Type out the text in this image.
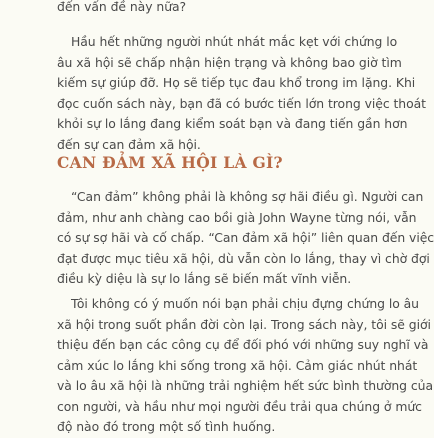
đến vấn đề này nữa?

Hầu hết những người nhút nhát mắc kẹt với chứng lo
âu xã hội sẽ chấp nhận hiện trạng và không bao giờ tìm
kiếm sự giúp đỡ. Họ sẽ tiếp tục đau khổ trong im lặng. Khi
đọc cuốn sách này, bạn đã có bước tiến lớn trong việc thoát
khỏi sự lo lắng đang kiểm soát bạn và đang tiến gần hơn
đến sự can đảm xã hội.

CAN ĐẢM XÃ HỘI LÀ GÌ?

“Can đảm” không phải là không sợ hãi điều gì. Người can
đảm, như anh chàng cao bồi già John Wayne từng nói, vẫn
có sự sợ hãi và cố chấp. “Can đảm xã hội” liên quan đến việc
đạt được mục tiêu xã hội, dù vẫn còn lo lắng, thay vì chờ đợi
điều kỳ diệu là sự lo lắng sẽ biến mất vĩnh viễn.

Tôi không có ý muốn nói bạn phải chịu đựng chứng lo âu
xã hội trong suốt phần đời còn lại. Trong sách này, tôi sẽ giới
thiệu đến bạn các công cụ để đối phó với những suy nghĩ và
cảm xúc lo lắng khi sống trong xã hội. Cảm giác nhút nhát
và lo âu xã hội là những trải nghiệm hết sức bình thường của
con người, và hầu như mọi người đều trải qua chúng ở mức
độ nào đó trong một số tình huống.
